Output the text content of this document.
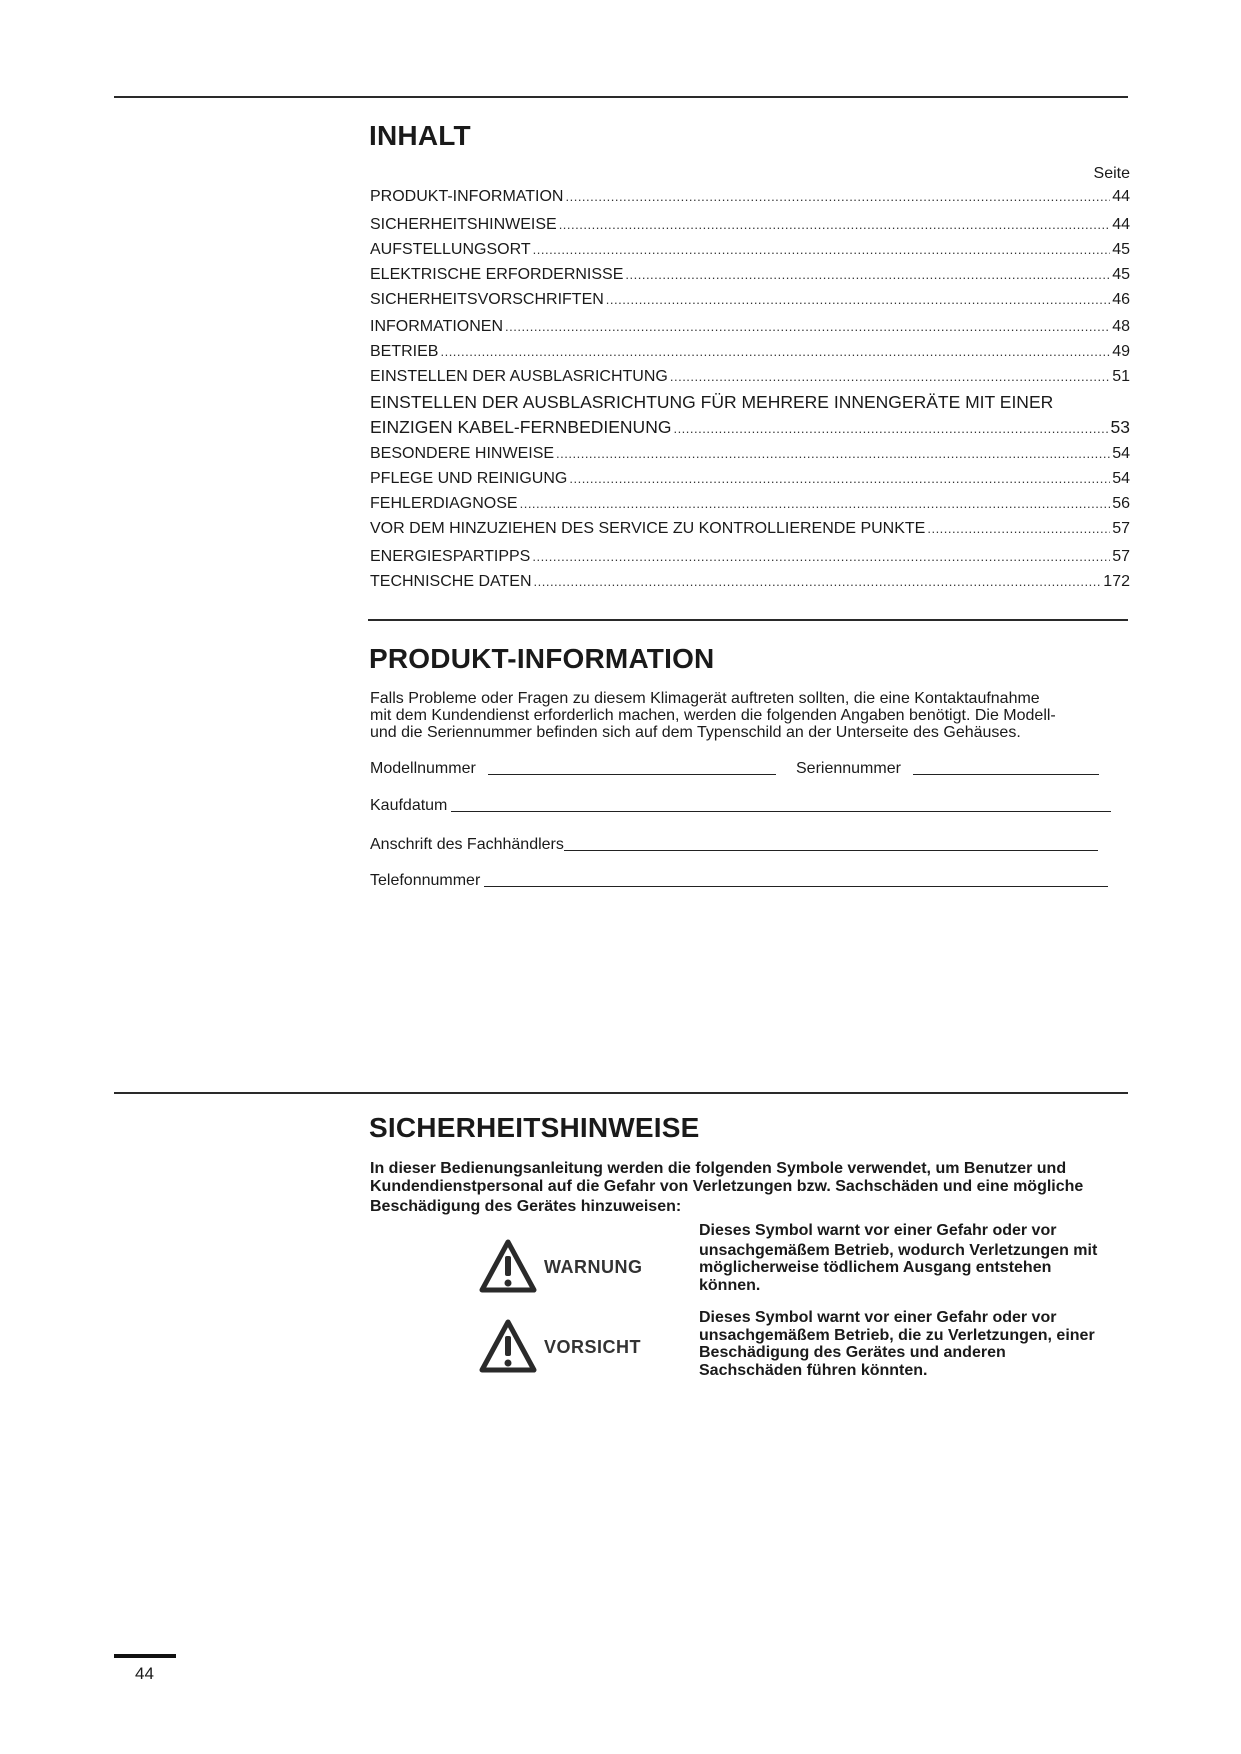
INHALT
Seite
PRODUKT-INFORMATION .....	44
SICHERHEITSHINWEISE .....	44
AUFSTELLUNGSORT .....	45
ELEKTRISCHE ERFORDERNISSE .....	45
SICHERHEITSVORSCHRIFTEN .....	46
INFORMATIONEN .....	48
BETRIEB .....	49
EINSTELLEN DER AUSBLASRICHTUNG .....	51
EINSTELLEN DER AUSBLASRICHTUNG FÜR MEHRERE INNENGERÄTE MIT EINER
EINZIGEN KABEL-FERNBEDIENUNG .....	53
BESONDERE HINWEISE .....	54
PFLEGE UND REINIGUNG .....	54
FEHLERDIAGNOSE .....	56
VOR DEM HINZUZIEHEN DES SERVICE ZU KONTROLLIERENDE PUNKTE .....	57
ENERGIESPARTIPPS .....	57
TECHNISCHE DATEN .....	172
PRODUKT-INFORMATION
Falls Probleme oder Fragen zu diesem Klimagerät auftreten sollten, die eine Kontaktaufnahme
mit dem Kundendienst erforderlich machen, werden die folgenden Angaben benötigt. Die Modell-
und die Seriennummer befinden sich auf dem Typenschild an der Unterseite des Gehäuses.
Modellnummer	Seriennummer
Kaufdatum
Anschrift des Fachhändlers
Telefonnummer
SICHERHEITSHINWEISE
In dieser Bedienungsanleitung werden die folgenden Symbole verwendet, um Benutzer und
Kundendienstpersonal auf die Gefahr von Verletzungen bzw. Sachschäden und eine mögliche
Beschädigung des Gerätes hinzuweisen:
WARNUNG
Dieses Symbol warnt vor einer Gefahr oder vor
unsachgemäßem Betrieb, wodurch Verletzungen mit
möglicherweise tödlichem Ausgang entstehen
können.
VORSICHT
Dieses Symbol warnt vor einer Gefahr oder vor
unsachgemäßem Betrieb, die zu Verletzungen, einer
Beschädigung des Gerätes und anderen
Sachschäden führen könnten.
44
